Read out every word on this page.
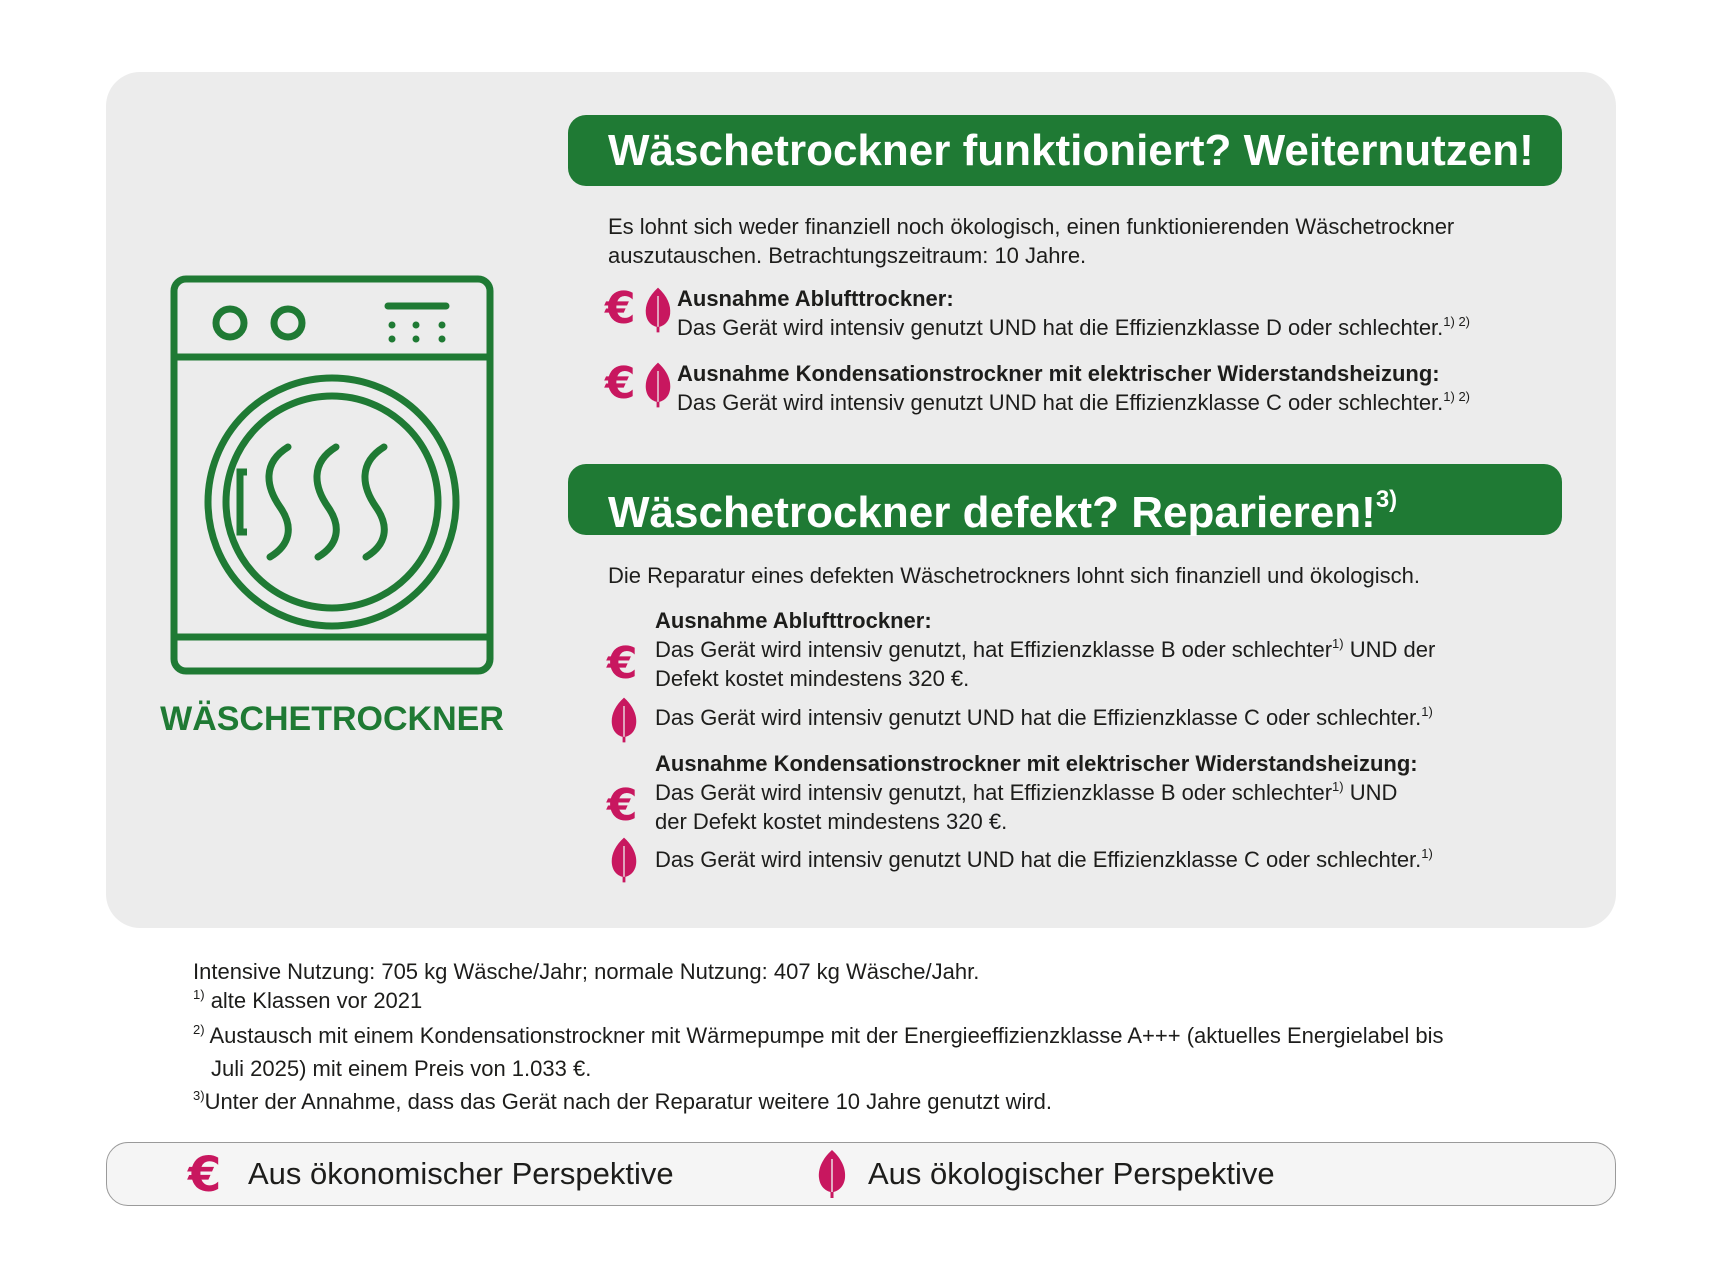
WÄSCHETROCKNER
Wäschetrockner funktioniert? Weiternutzen!
Es lohnt sich weder finanziell noch ökologisch, einen funktionierenden Wäschetrockner
auszutauschen. Betrachtungszeitraum: 10 Jahre.
€ Ausnahme Ablufttrockner:
Das Gerät wird intensiv genutzt UND hat die Effizienzklasse D oder schlechter.$^{1) 2)}$
€ Ausnahme Kondensationstrockner mit elektrischer Widerstandsheizung:
Das Gerät wird intensiv genutzt UND hat die Effizienzklasse C oder schlechter.$^{1) 2)}$
Wäschetrockner defekt? Reparieren!$^{3)}$
Die Reparatur eines defekten Wäschetrockners lohnt sich finanziell und ökologisch.
Ausnahme Ablufttrockner:
€ Das Gerät wird intensiv genutzt, hat Effizienzklasse B oder schlechter$^{1)}$ UND der
Defekt kostet mindestens 320 €.
Das Gerät wird intensiv genutzt UND hat die Effizienzklasse C oder schlechter.$^{1)}$
Ausnahme Kondensationstrockner mit elektrischer Widerstandsheizung:
€ Das Gerät wird intensiv genutzt, hat Effizienzklasse B oder schlechter$^{1)}$ UND
der Defekt kostet mindestens 320 €.
Das Gerät wird intensiv genutzt UND hat die Effizienzklasse C oder schlechter.$^{1)}$
Intensive Nutzung: 705 kg Wäsche/Jahr; normale Nutzung: 407 kg Wäsche/Jahr.
$^{1)}$ alte Klassen vor 2021
$^{2)}$ Austausch mit einem Kondensationstrockner mit Wärmepumpe mit der Energieeffizienzklasse A+++ (aktuelles Energielabel bis
Juli 2025) mit einem Preis von 1.033 €.
$^{3)}$Unter der Annahme, dass das Gerät nach der Reparatur weitere 10 Jahre genutzt wird.
€ Aus ökonomischer Perspektive	Aus ökologischer Perspektive
